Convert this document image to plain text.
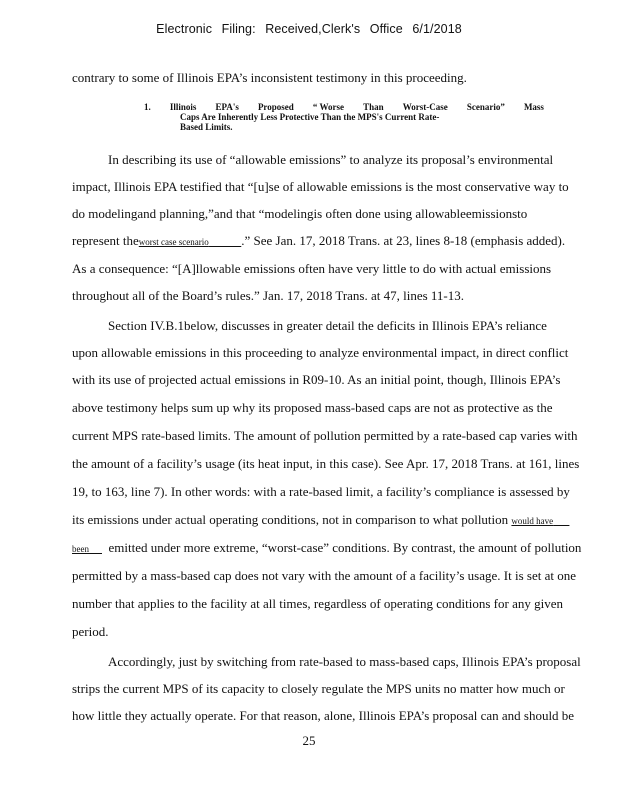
Electronic Filing: Received,Clerk's Office 6/1/2018
contrary to some of Illinois EPA’s inconsistent testimony in this proceeding.
1. Illinois EPA's Proposed “ Worse Than Worst-Case Scenario” Mass
Caps Are Inherently Less Protective Than the MPS's Current Rate-
Based Limits.
In describing its use of “allowable emissions” to analyze its proposal’s environmental
impact, Illinois EPA testified that “[u]se of allowable emissions is the most conservative way to
do modelingand planning,”and that “modelingis often done using allowableemissionsto
represent theworst case scenario	.” See Jan. 17, 2018 Trans. at 23, lines 8-18 (emphasis added).
As a consequence: “[A]llowable emissions often have very little to do with actual emissions
throughout all of the Board’s rules.” Jan. 17, 2018 Trans. at 47, lines 11-13.
Section IV.B.1below, discusses in greater detail the deficits in Illinois EPA’s reliance
upon allowable emissions in this proceeding to analyze environmental impact, in direct conflict
with its use of projected actual emissions in R09-10. As an initial point, though, Illinois EPA’s
above testimony helps sum up why its proposed mass-based caps are not as protective as the
current MPS rate-based limits. The amount of pollution permitted by a rate-based cap varies with
the amount of a facility’s usage (its heat input, in this case). See Apr. 17, 2018 Trans. at 161, lines
19, to 163, line 7). In other words: with a rate-based limit, a facility’s compliance is assessed by
its emissions under actual operating conditions, not in comparison to what pollution would have
been emitted under more extreme, “worst-case” conditions. By contrast, the amount of pollution
permitted by a mass-based cap does not vary with the amount of a facility’s usage. It is set at one
number that applies to the facility at all times, regardless of operating conditions for any given
period.
Accordingly, just by switching from rate-based to mass-based caps, Illinois EPA’s proposal
strips the current MPS of its capacity to closely regulate the MPS units no matter how much or
how little they actually operate. For that reason, alone, Illinois EPA’s proposal can and should be
25
